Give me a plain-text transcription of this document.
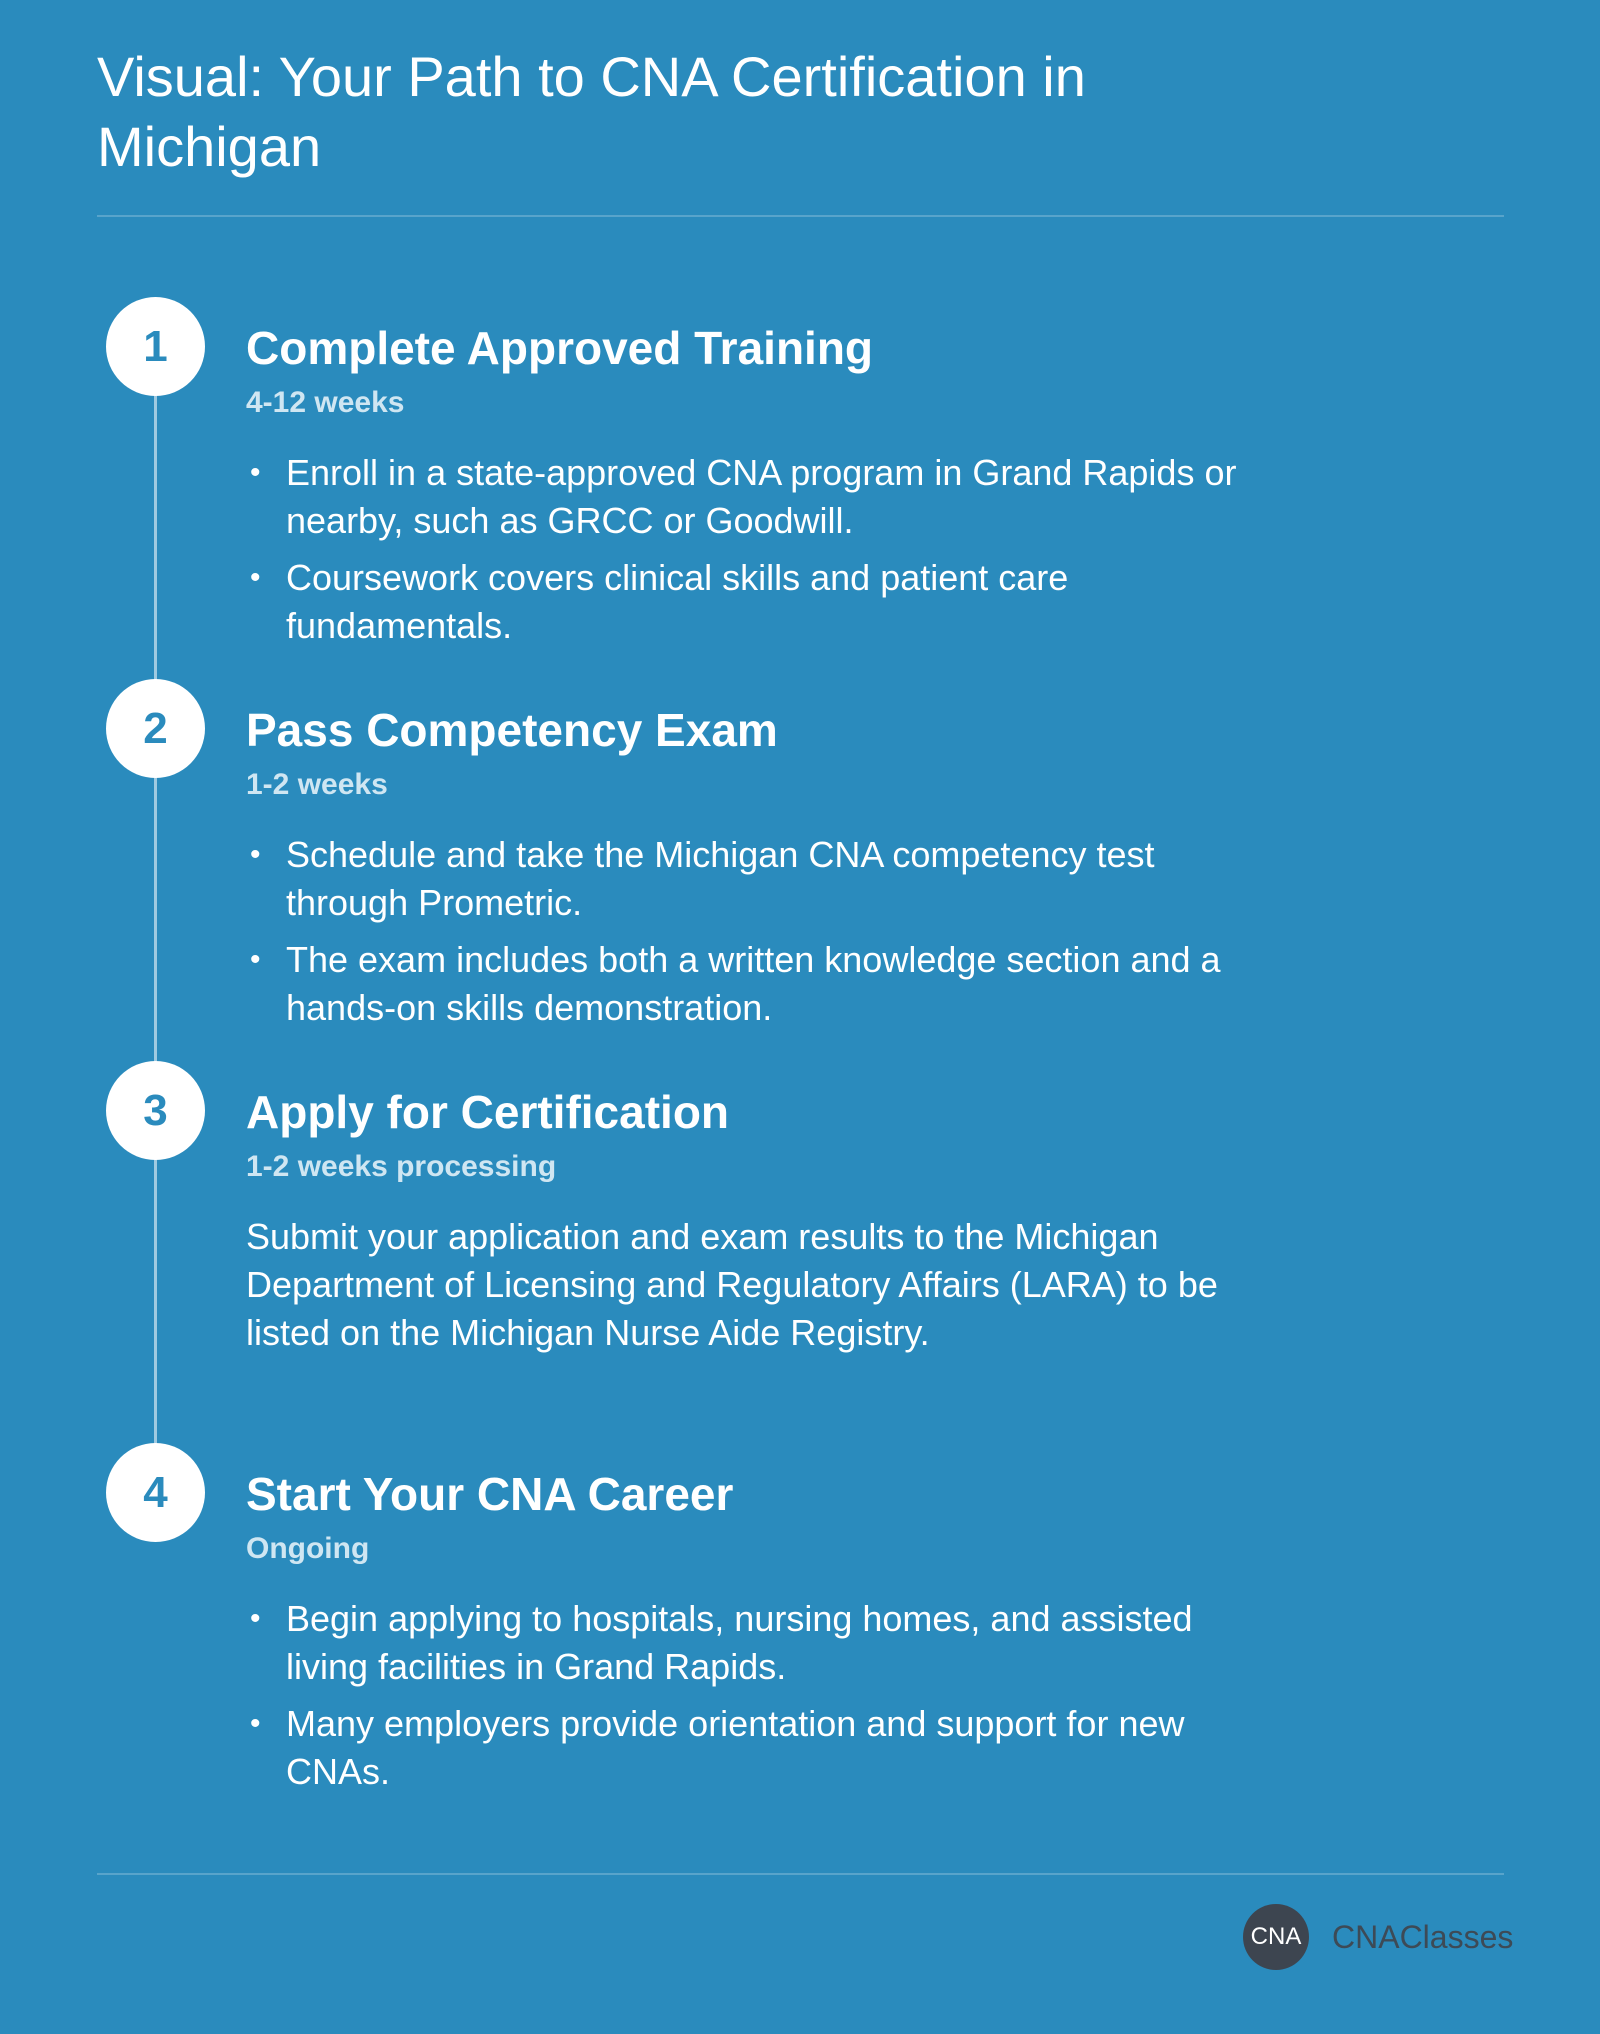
Visual: Your Path to CNA Certification in Michigan
1	Complete Approved Training
4-12 weeks
• Enroll in a state-approved CNA program in Grand Rapids or nearby, such as GRCC or Goodwill.
• Coursework covers clinical skills and patient care fundamentals.
2	Pass Competency Exam
1-2 weeks
• Schedule and take the Michigan CNA competency test through Prometric.
• The exam includes both a written knowledge section and a hands-on skills demonstration.
3	Apply for Certification
1-2 weeks processing

Submit your application and exam results to the Michigan Department of Licensing and Regulatory Affairs (LARA) to be listed on the Michigan Nurse Aide Registry.

4	Start Your CNA Career
Ongoing
• Begin applying to hospitals, nursing homes, and assisted living facilities in Grand Rapids.
• Many employers provide orientation and support for new CNAs.
CNA CNAClasses
